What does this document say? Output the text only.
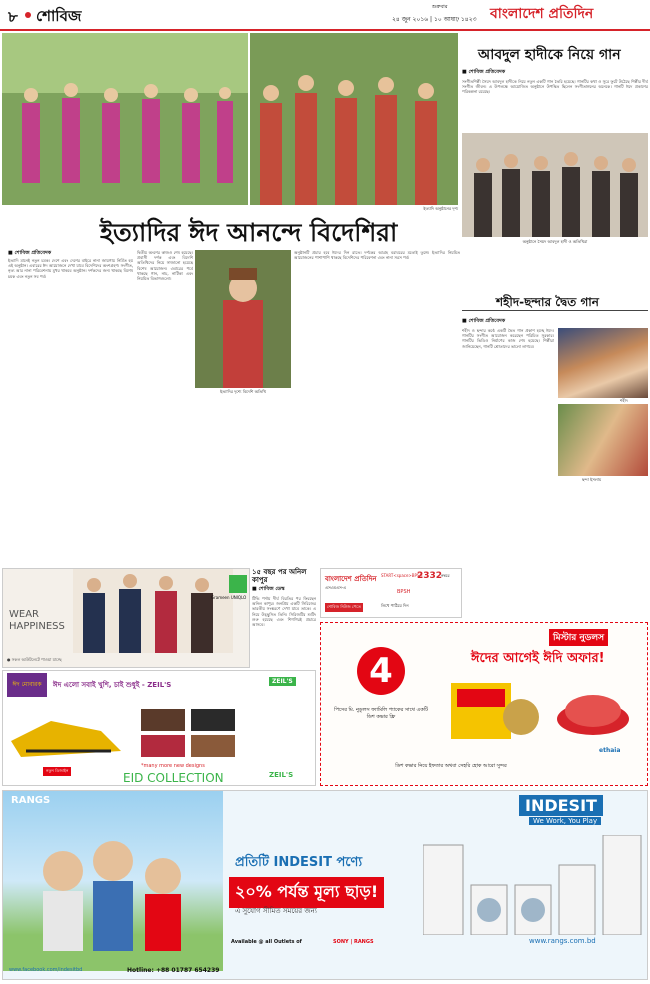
৮ শোবিজ	শুক্রবার
২৪ জুন ২০১৬ | ১০ আষাঢ় ১৪২৩ বাংলাদেশ প্রতিদিন
ইত্যাদি অনুষ্ঠানের দৃশ্য
■ শোবিজ প্রতিবেদক
আবদুল হাদীকে নিয়ে গান
সংগীতশিল্পী সৈয়দ আবদুল হাদীকে নিয়ে নতুন একটি গান তৈরি হয়েছে। গানটির কথা ও সুরে ফুটে উঠেছে শিল্পীর দীর্ঘ সংগীত জীবন। এ উপলক্ষে আয়োজিত অনুষ্ঠানে উপস্থিত ছিলেন সংগীতাঙ্গনের অনেকে। গানটি ঈদে প্রকাশের পরিকল্পনা রয়েছে।
অনুষ্ঠানে সৈয়দ আবদুল হাদী ও অতিথিরা
শহীদ-ছন্দার দ্বৈত গান
■ শোবিজ প্রতিবেদক
শহীদ ও ছন্দার কণ্ঠে একটি দ্বৈত গান প্রকাশ হচ্ছে ঈদে। গানটির সংগীত আয়োজন করেছেন পরিচিত সুরকার। গানটির ভিডিও নির্মাণের কাজ শেষ হয়েছে। শিল্পীরা জানিয়েছেন, গানটি শ্রোতাদের ভালো লাগবে।
শহীদ
ছন্দা ইসলাম

ইত্যাদির ঈদ আনন্দে বিদেশিরা
■ শোবিজ প্রতিবেদক
ইত্যাদি মানেই নতুন চমক। দেশে এবং দেশের বাইরে নানা জায়গায় নির্মিত হয় এই অনুষ্ঠান। এবারের ঈদ আয়োজনে দেখা যাবে বিদেশিদের অংশগ্রহণ। সংগীত, নৃত্য আর নানা পরিবেশনায় মুখর থাকবে অনুষ্ঠান। দর্শকদের জন্য থাকছে বিশেষ চমক এবং নতুন সব পর্ব।
দ্বিতীয় অংশের কাজও শেষ হয়েছে। প্রবাসী দর্শক এবং বিদেশি অতিথিদের নিয়ে সাজানো হয়েছে বিশেষ আয়োজন। এবারের পর্বে থাকছে গান, নাচ, নাটিকা এবং নিয়মিত বিভাগগুলো।
ইত্যাদির দৃশ্যে বিদেশি অতিথি
অনুষ্ঠানটি প্রচার হবে ঈদের দিন রাতে। দর্শকের আগ্রহ বরাবরের মতোই তুঙ্গে। ইত্যাদির নিয়মিত আয়োজনের পাশাপাশি থাকছে বিদেশিদের পরিবেশনা এবং নানা সরস পর্ব।
WEAR HAPPINESS
Grameen UNIQLO
● সকল আউটলেটে পাওয়া যাচ্ছে
১৫ বছর পর অনিল কাপুর
■ শোবিজ ডেস্ক
টিভি পর্দায় দীর্ঘ বিরতির পর ফিরছেন অনিল কাপুর। জনপ্রিয় একটি সিরিজের ভারতীয় সংস্করণে দেখা যাবে তাকে। এ নিয়ে উচ্ছ্বসিত তিনি। সিরিজটির শুটিং শুরু হয়েছে এবং শিগগিরই প্রচারে আসবে।
বাংলাদেশ প্রতিদিন
এসএমএস-এ
START<space>BPSH
2332
নম্বরে
BPSH
শোবিজ নিউজ পেতে	লিখে পাঠিয়ে দিন
মিস্টার নুডলস
ঈদের আগেই ঈদি অফার!
4
পিসের মি. নুডুলস ফ্যামিলি প্যাকের সাথে একটি ডিশ কভার ফ্রি
ডিশ কভার নিয়ে ইফতার অথবা সেহরি হোক আরো সুন্দর
ethaia
ঈদ মোবারক	ঈদ এলো সবাই খুশি, চাই শুধুই - ZEIL'S
নতুন ডিজাইন
*many more new designs
EID COLLECTION	ZEIL'S
ZEIL'S
RANGS	INDESIT
We Work, You Play
প্রতিটি INDESIT পণ্যে
২০% পর্যন্ত মূল্য ছাড়!
এ সুযোগ সীমিত সময়ের জন্য
Available @ all Outlets of	SONY | RANGS	www.rangs.com.bd
Hotline: +88 01787 654239
www.facebook.com/indesitbd
